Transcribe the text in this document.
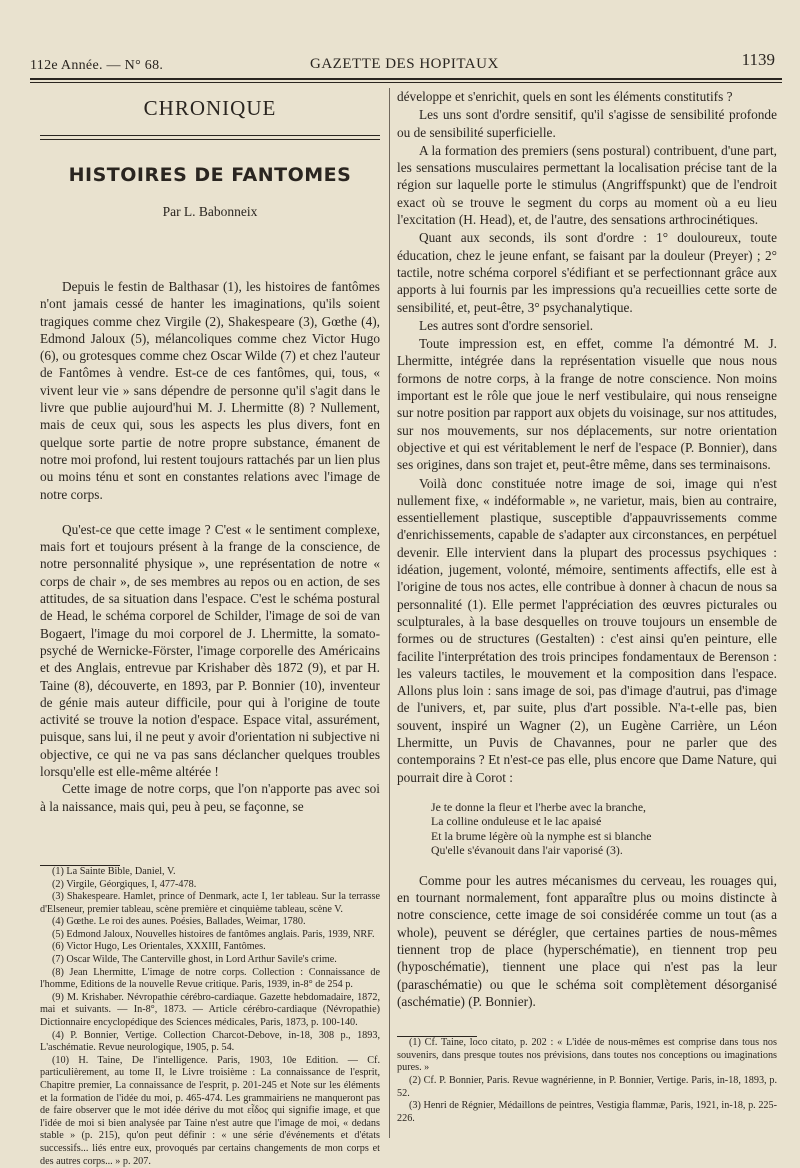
112e Année. — N° 68.	GAZETTE DES HOPITAUX	1139
CHRONIQUE
HISTOIRES DE FANTOMES
Par L. Babonneix

Depuis le festin de Balthasar (1), les histoires de fantômes n'ont jamais cessé de hanter les imaginations, qu'ils soient tragiques comme chez Virgile (2), Shakespeare (3), Gœthe (4), Edmond Jaloux (5), mélancoliques comme chez Victor Hugo (6), ou grotesques comme chez Oscar Wilde (7) et chez l'auteur de Fantômes à vendre. Est-ce de ces fantômes, qui, tous, « vivent leur vie » sans dépendre de personne qu'il s'agit dans le livre que publie aujourd'hui M. J. Lhermitte (8) ? Nullement, mais de ceux qui, sous les aspects les plus divers, font en quelque sorte partie de notre propre substance, émanent de notre moi profond, lui restent toujours rattachés par un lien plus ou moins ténu et sont en constantes relations avec l'image de notre corps.

Qu'est-ce que cette image ? C'est « le sentiment complexe, mais fort et toujours présent à la frange de la conscience, de notre personnalité physique », une représentation de notre « corps de chair », de ses membres au repos ou en action, de ses attitudes, de sa situation dans l'espace. C'est le schéma postural de Head, le schéma corporel de Schilder, l'image de soi de van Bogaert, l'image du moi corporel de J. Lhermitte, la somato-psyché de Wernicke-Förster, l'image corporelle des Américains et des Anglais, entrevue par Krishaber dès 1872 (9), et par H. Taine (8), découverte, en 1893, par P. Bonnier (10), inventeur de génie mais auteur difficile, pour qui à l'origine de toute activité se trouve la notion d'espace. Espace vital, assurément, puisque, sans lui, il ne peut y avoir d'orientation ni subjective ni objective, ce qui ne va pas sans déclancher quelques troubles lorsqu'elle est elle-même altérée !

Cette image de notre corps, que l'on n'apporte pas avec soi à la naissance, mais qui, peu à peu, se façonne, se

(1) La Sainte Bible, Daniel, V.

(2) Virgile, Géorgiques, I, 477-478.

(3) Shakespeare. Hamlet, prince of Denmark, acte I, 1er tableau. Sur la terrasse d'Elseneur, premier tableau, scène première et cinquième tableau, scène V.

(4) Gœthe. Le roi des aunes. Poésies, Ballades, Weimar, 1780.

(5) Edmond Jaloux, Nouvelles histoires de fantômes anglais. Paris, 1939, NRF.

(6) Victor Hugo, Les Orientales, XXXIII, Fantômes.

(7) Oscar Wilde, The Canterville ghost, in Lord Arthur Savile's crime.

(8) Jean Lhermitte, L'image de notre corps. Collection : Connaissance de l'homme, Editions de la nouvelle Revue critique. Paris, 1939, in-8° de 254 p.

(9) M. Krishaber. Névropathie cérébro-cardiaque. Gazette hebdomadaire, 1872, mai et suivants. — In-8°, 1873. — Article cérébro-cardiaque (Névropathie) Dictionnaire encyclopédique des Sciences médicales, Paris, 1873, p. 100-140.

(4) P. Bonnier, Vertige. Collection Charcot-Debove, in-18, 308 p., 1893, L'aschématie. Revue neurologique, 1905, p. 54.

(10) H. Taine, De l'intelligence. Paris, 1903, 10e Edition. — Cf. particulièrement, au tome II, le Livre troisième : La connaissance de l'esprit, Chapitre premier, La connaissance de l'esprit, p. 201-245 et Note sur les éléments et la formation de l'idée du moi, p. 465-474. Les grammairiens ne manqueront pas de faire observer que le mot idée dérive du mot εἶδος qui signifie image, et que l'idée de moi si bien analysée par Taine n'est autre que l'image de moi, « dedans stable » (p. 215), qu'on peut définir : « une série d'événements et d'états successifs... liés entre eux, provoqués par certains changements de mon corps et des autres corps... » p. 207.

développe et s'enrichit, quels en sont les éléments constitutifs ?

Les uns sont d'ordre sensitif, qu'il s'agisse de sensibilité profonde ou de sensibilité superficielle.

A la formation des premiers (sens postural) contribuent, d'une part, les sensations musculaires permettant la localisation précise tant de la région sur laquelle porte le stimulus (Angriffspunkt) que de l'endroit exact où se trouve le segment du corps au moment où a eu lieu l'excitation (H. Head), et, de l'autre, des sensations arthrocinétiques.

Quant aux seconds, ils sont d'ordre : 1° douloureux, toute éducation, chez le jeune enfant, se faisant par la douleur (Preyer) ; 2° tactile, notre schéma corporel s'édifiant et se perfectionnant grâce aux apports à lui fournis par les impressions qu'a recueillies cette sorte de sensibilité, et, peut-être, 3° psychanalytique.

Les autres sont d'ordre sensoriel.

Toute impression est, en effet, comme l'a démontré M. J. Lhermitte, intégrée dans la représentation visuelle que nous nous formons de notre corps, à la frange de notre conscience. Non moins important est le rôle que joue le nerf vestibulaire, qui nous renseigne sur notre position par rapport aux objets du voisinage, sur nos attitudes, sur nos mouvements, sur nos déplacements, sur notre orientation objective et qui est véritablement le nerf de l'espace (P. Bonnier), dans ses origines, dans son trajet et, peut-être même, dans ses terminaisons.

Voilà donc constituée notre image de soi, image qui n'est nullement fixe, « indéformable », ne varietur, mais, bien au contraire, essentiellement plastique, susceptible d'appauvrissements comme d'enrichissements, capable de s'adapter aux circonstances, en perpétuel devenir. Elle intervient dans la plupart des processus psychiques : idéation, jugement, volonté, mémoire, sentiments affectifs, elle est à l'origine de tous nos actes, elle contribue à donner à chacun de nous sa personnalité (1). Elle permet l'appréciation des œuvres picturales ou sculpturales, à la base desquelles on trouve toujours un ensemble de formes ou de structures (Gestalten) : c'est ainsi qu'en peinture, elle facilite l'interprétation des trois principes fondamentaux de Berenson : les valeurs tactiles, le mouvement et la composition dans l'espace. Allons plus loin : sans image de soi, pas d'image d'autrui, pas d'image de l'univers, et, par suite, plus d'art possible. N'a-t-elle pas, bien souvent, inspiré un Wagner (2), un Eugène Carrière, un Léon Lhermitte, un Puvis de Chavannes, pour ne parler que des contemporains ? Et n'est-ce pas elle, plus encore que Dame Nature, qui pourrait dire à Corot :

Je te donne la fleur et l'herbe avec la branche,
La colline onduleuse et le lac apaisé
Et la brume légère où la nymphe est si blanche
Qu'elle s'évanouit dans l'air vaporisé (3).

Comme pour les autres mécanismes du cerveau, les rouages qui, en tournant normalement, font apparaître plus ou moins distincte à notre conscience, cette image de soi considérée comme un tout (as a whole), peuvent se dérégler, que certaines parties de nous-mêmes tiennent trop de place (hyperschématie), en tiennent trop peu (hyposchématie), tiennent une place qui n'est pas la leur (paraschématie) ou que le schéma soit complètement désorganisé (aschématie) (P. Bonnier).

(1) Cf. Taine, loco citato, p. 202 : « L'idée de nous-mêmes est comprise dans tous nos souvenirs, dans presque toutes nos prévisions, dans toutes nos conceptions ou imaginations pures. »

(2) Cf. P. Bonnier, Paris. Revue wagnérienne, in P. Bonnier, Vertige. Paris, in-18, 1893, p. 52.

(3) Henri de Régnier, Médaillons de peintres, Vestigia flammæ, Paris, 1921, in-18, p. 225-226.
